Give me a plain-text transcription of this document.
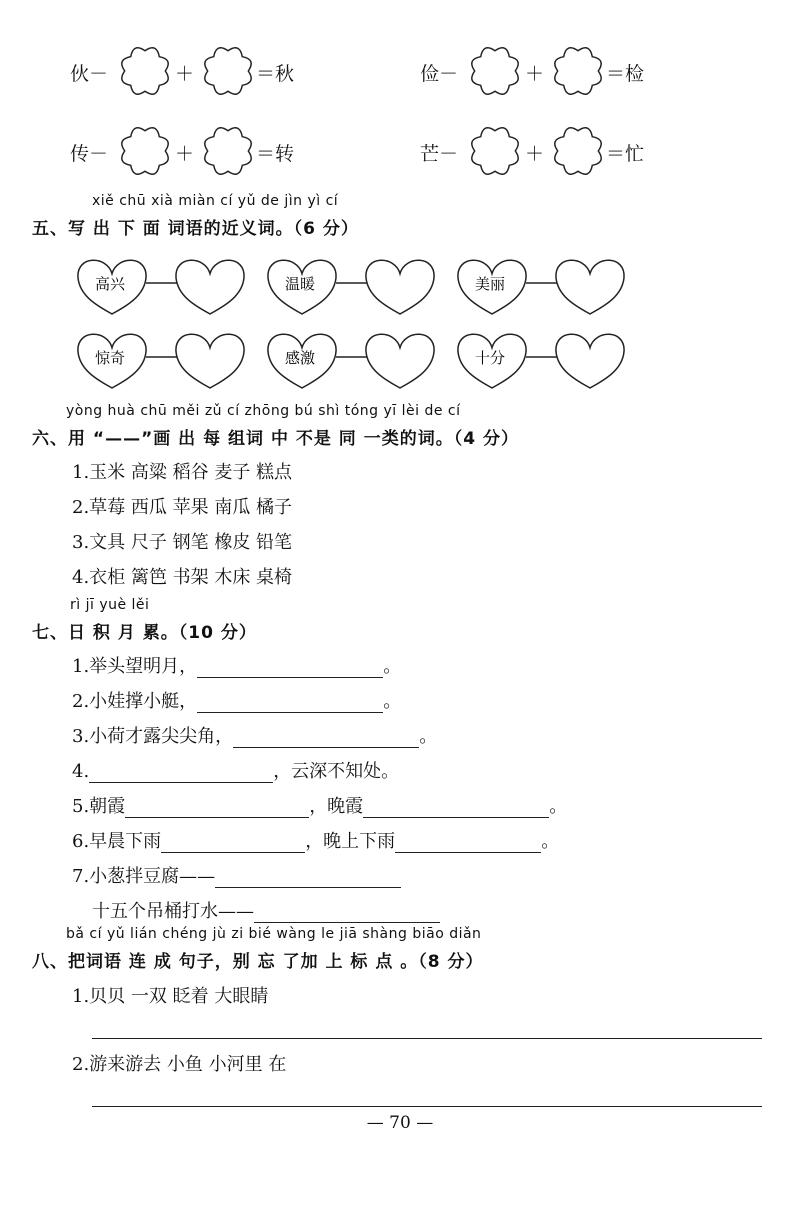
伙－	＋	＝秋	俭－	＋	＝检
传－	＋	＝转	芒－	＋	＝忙
xiě chū xià miàn cí yǔ de jìn yì cí
五、写 出 下 面 词语的近义词。（6 分）
高兴	温暖	美丽
惊奇	感激	十分
yòng huà chū měi zǔ cí zhōng bú shì tóng yī lèi de cí
六、用 “——”画 出 每 组词 中 不是 同 一类的词。（4 分）
1.玉米 高粱 稻谷 麦子 糕点
2.草莓 西瓜 苹果 南瓜 橘子
3.文具 尺子 钢笔 橡皮 铅笔
4.衣柜 篱笆 书架 木床 桌椅
rì jī yuè lěi
七、日 积 月 累。（10 分）
1.举头望明月，	。
2.小娃撑小艇，	。
3.小荷才露尖尖角，	。
4.	，云深不知处。
5.朝霞	，晚霞	。
6.早晨下雨	，晚上下雨	。
7.小葱拌豆腐——
十五个吊桶打水——
bǎ cí yǔ lián chéng jù zi bié wàng le jiā shàng biāo diǎn
八、把词语 连 成 句子，别 忘 了加 上 标 点 。（8 分）
1.贝贝 一双 眨着 大眼睛
2.游来游去 小鱼 小河里 在
— 70 —
